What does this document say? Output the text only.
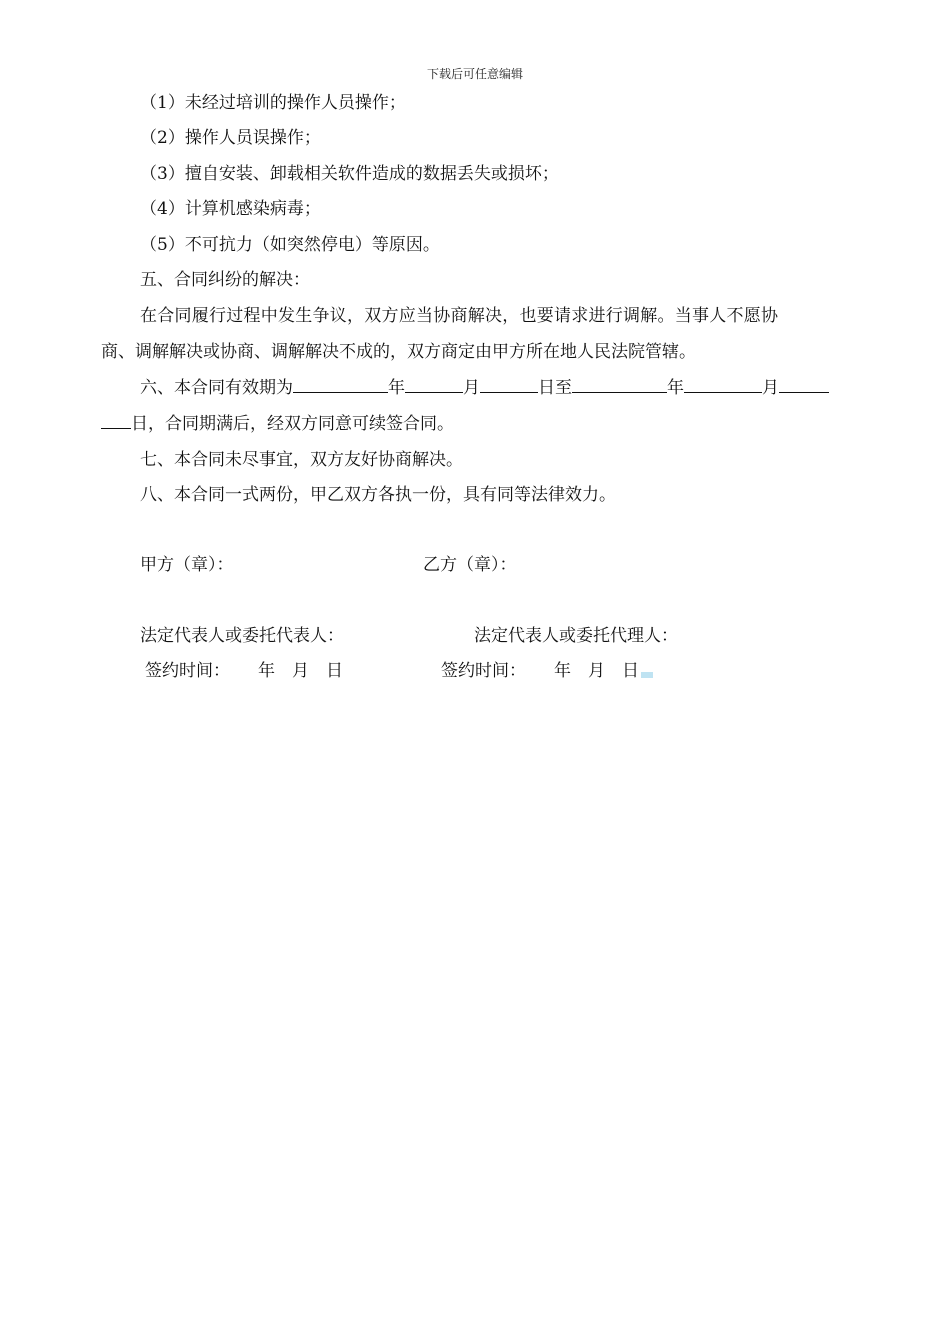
下载后可任意编辑
（1）未经过培训的操作人员操作；
（2）操作人员误操作；
（3）擅自安装、卸载相关软件造成的数据丢失或损坏；
（4）计算机感染病毒；
（5）不可抗力（如突然停电）等原因。
五、合同纠纷的解决：
在合同履行过程中发生争议，双方应当协商解决，也要请求进行调解。当事人不愿协
商、调解解决或协商、调解解决不成的，双方商定由甲方所在地人民法院管辖。
六、本合同有效期为	年	月	日至	年	月
日，合同期满后，经双方同意可续签合同。
七、本合同未尽事宜，双方友好协商解决。
八、本合同一式两份，甲乙双方各执一份，具有同等法律效力。
甲方（章）：	乙方（章）：
法定代表人或委托代表人：	法定代表人或委托代理人：
签约时间： 年　月　日	签约时间： 年　月　日
